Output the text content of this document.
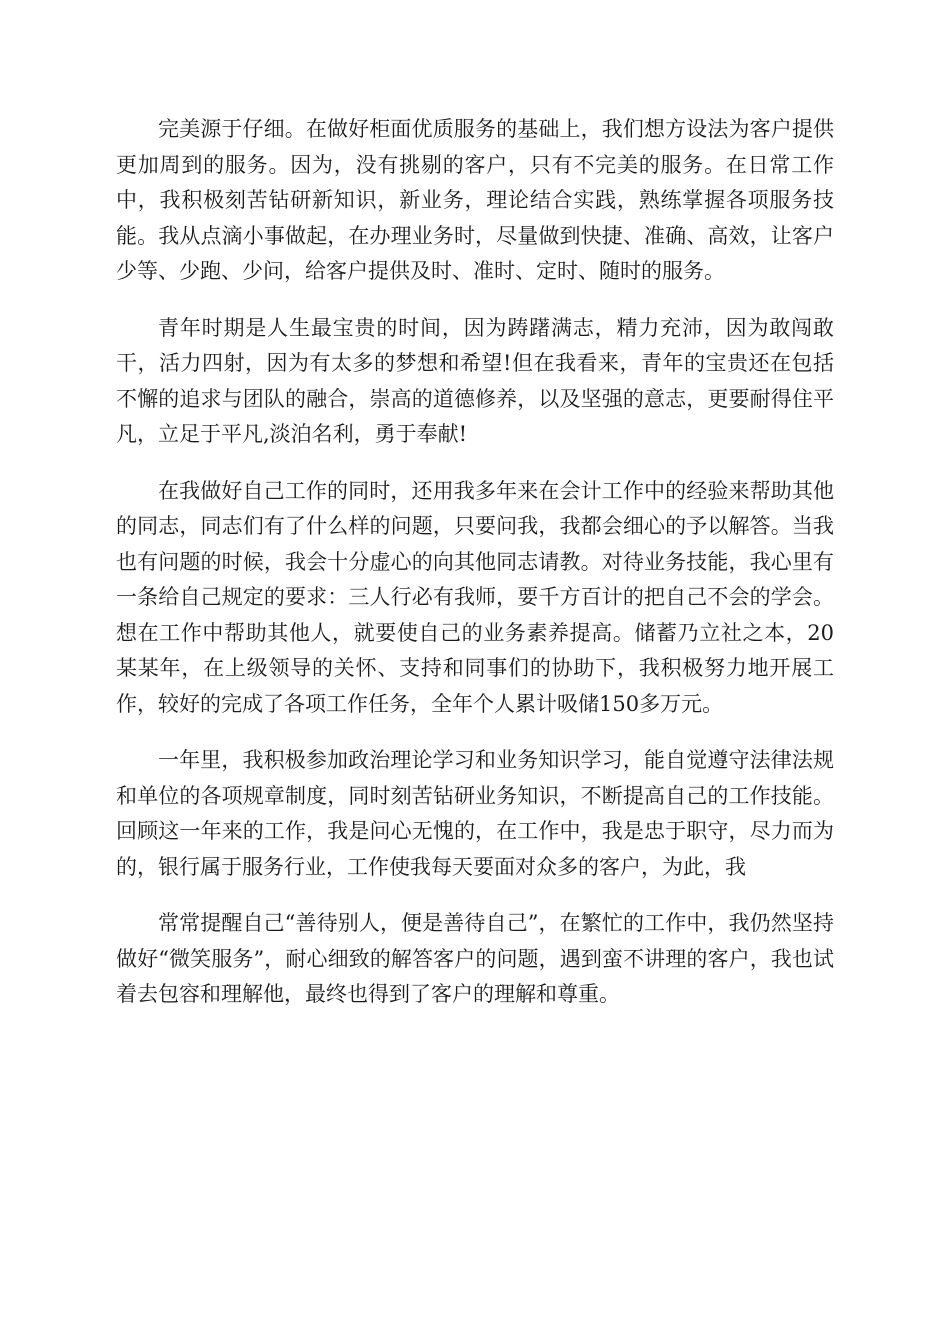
完美源于仔细。在做好柜面优质服务的基础上，我们想方设法为客户提供更加周到的服务。因为，没有挑剔的客户，只有不完美的服务。在日常工作中，我积极刻苦钻研新知识，新业务，理论结合实践，熟练掌握各项服务技能。我从点滴小事做起，在办理业务时，尽量做到快捷、准确、高效，让客户少等、少跑、少问，给客户提供及时、准时、定时、随时的服务。

青年时期是人生最宝贵的时间，因为踌躇满志，精力充沛，因为敢闯敢干，活力四射，因为有太多的梦想和希望!但在我看来，青年的宝贵还在包括不懈的追求与团队的融合，崇高的道德修养，以及坚强的意志，更要耐得住平凡，立足于平凡,淡泊名利，勇于奉献!

在我做好自己工作的同时，还用我多年来在会计工作中的经验来帮助其他的同志，同志们有了什么样的问题，只要问我，我都会细心的予以解答。当我也有问题的时候，我会十分虚心的向其他同志请教。对待业务技能，我心里有一条给自己规定的要求：三人行必有我师，要千方百计的把自己不会的学会。想在工作中帮助其他人，就要使自己的业务素养提高。储蓄乃立社之本，20某某年，在上级领导的关怀、支持和同事们的协助下，我积极努力地开展工作，较好的完成了各项工作任务，全年个人累计吸储150多万元。

一年里，我积极参加政治理论学习和业务知识学习，能自觉遵守法律法规和单位的各项规章制度，同时刻苦钻研业务知识，不断提高自己的工作技能。回顾这一年来的工作，我是问心无愧的，在工作中，我是忠于职守，尽力而为的，银行属于服务行业，工作使我每天要面对众多的客户，为此，我

常常提醒自己“善待别人，便是善待自己”，在繁忙的工作中，我仍然坚持做好“微笑服务”，耐心细致的解答客户的问题，遇到蛮不讲理的客户，我也试着去包容和理解他，最终也得到了客户的理解和尊重。
